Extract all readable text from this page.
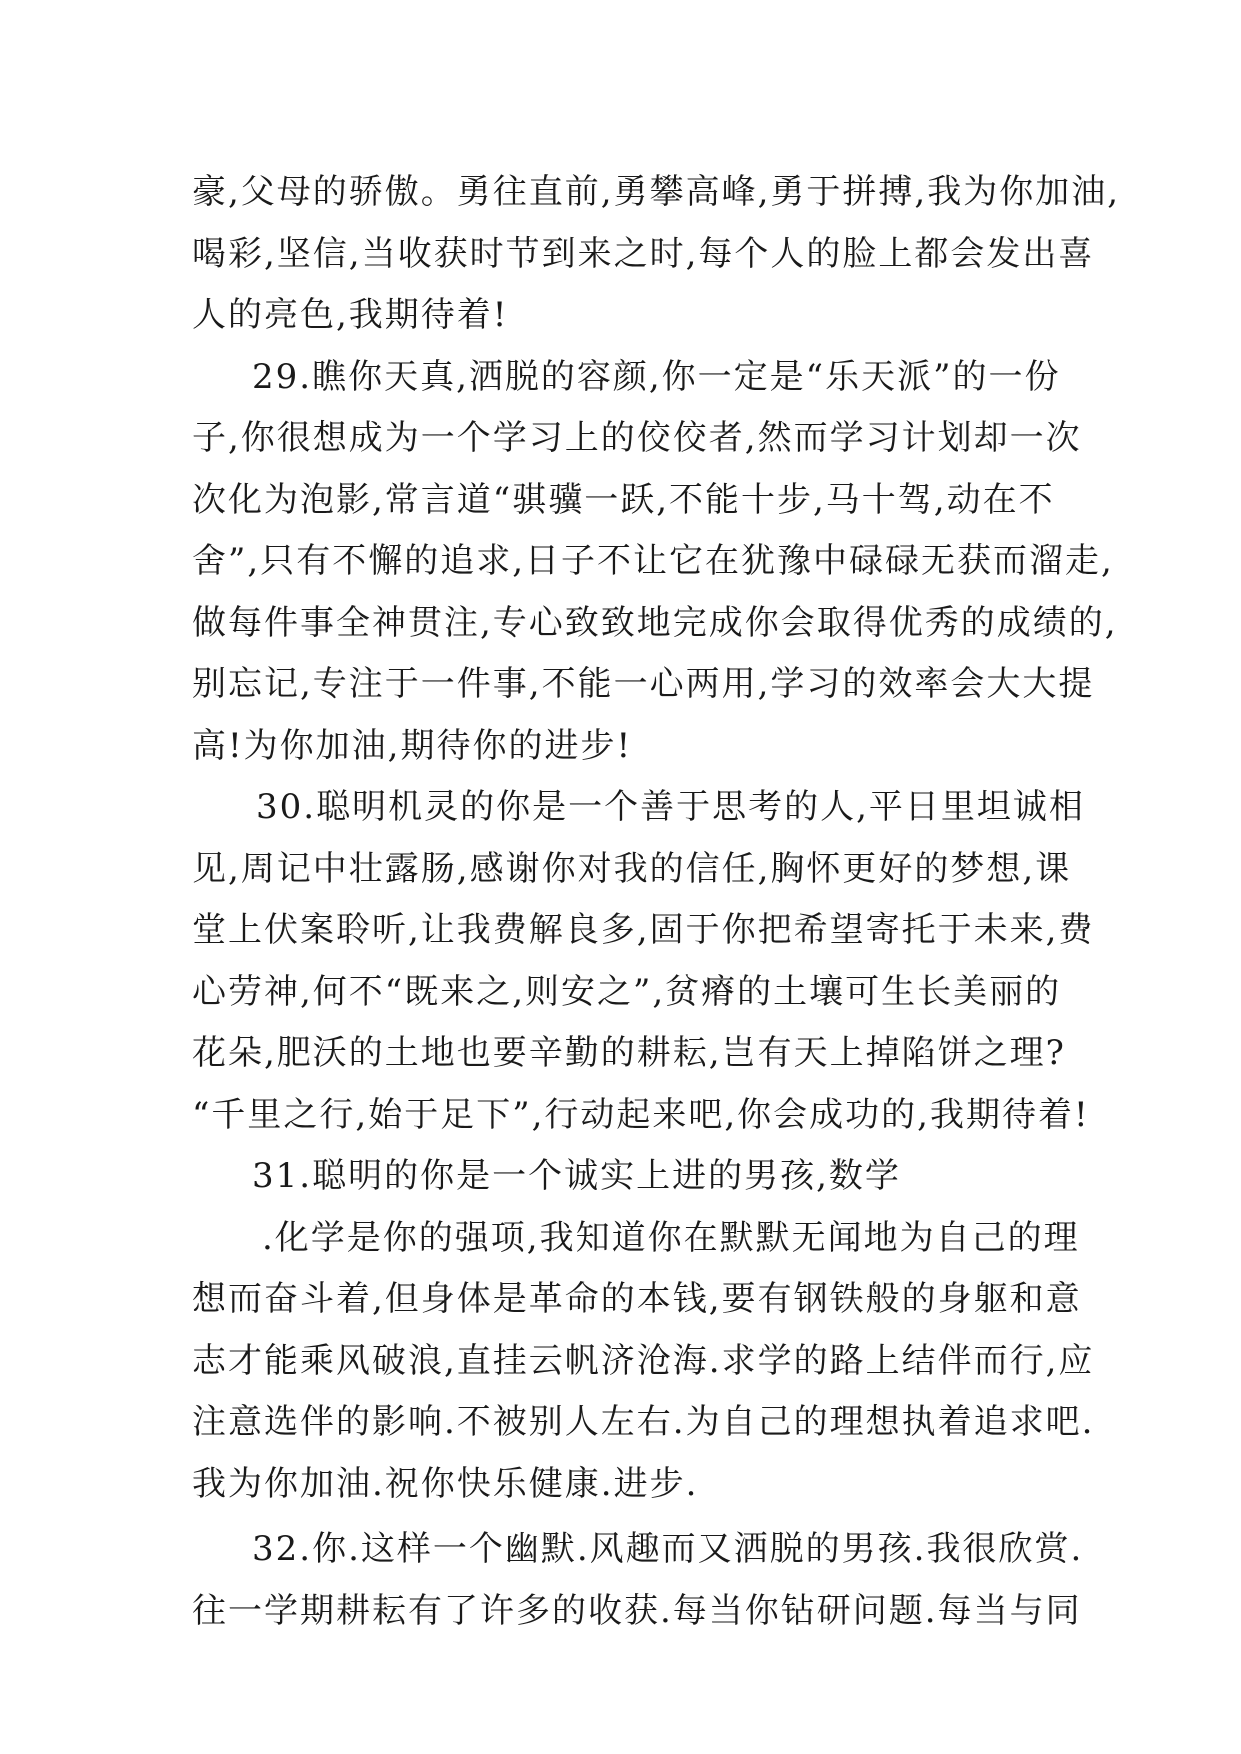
豪,父母的骄傲。勇往直前,勇攀高峰,勇于拼搏,我为你加油,
喝彩,坚信,当收获时节到来之时,每个人的脸上都会发出喜
人的亮色,我期待着!
29.瞧你天真,洒脱的容颜,你一定是“乐天派”的一份
子,你很想成为一个学习上的佼佼者,然而学习计划却一次
次化为泡影,常言道“骐骥一跃,不能十步,马十驾,动在不
舍”,只有不懈的追求,日子不让它在犹豫中碌碌无获而溜走,
做每件事全神贯注,专心致致地完成你会取得优秀的成绩的,
别忘记,专注于一件事,不能一心两用,学习的效率会大大提
高!为你加油,期待你的进步!
30.聪明机灵的你是一个善于思考的人,平日里坦诚相
见,周记中壮露肠,感谢你对我的信任,胸怀更好的梦想,课
堂上伏案聆听,让我费解良多,固于你把希望寄托于未来,费
心劳神,何不“既来之,则安之”,贫瘠的土壤可生长美丽的
花朵,肥沃的土地也要辛勤的耕耘,岂有天上掉陷饼之理?
“千里之行,始于足下”,行动起来吧,你会成功的,我期待着!
31.聪明的你是一个诚实上进的男孩,数学
.化学是你的强项,我知道你在默默无闻地为自己的理
想而奋斗着,但身体是革命的本钱,要有钢铁般的身躯和意
志才能乘风破浪,直挂云帆济沧海.求学的路上结伴而行,应
注意选伴的影响.不被别人左右.为自己的理想执着追求吧.
我为你加油.祝你快乐健康.进步.
32.你.这样一个幽默.风趣而又洒脱的男孩.我很欣赏.
往一学期耕耘有了许多的收获.每当你钻研问题.每当与同
